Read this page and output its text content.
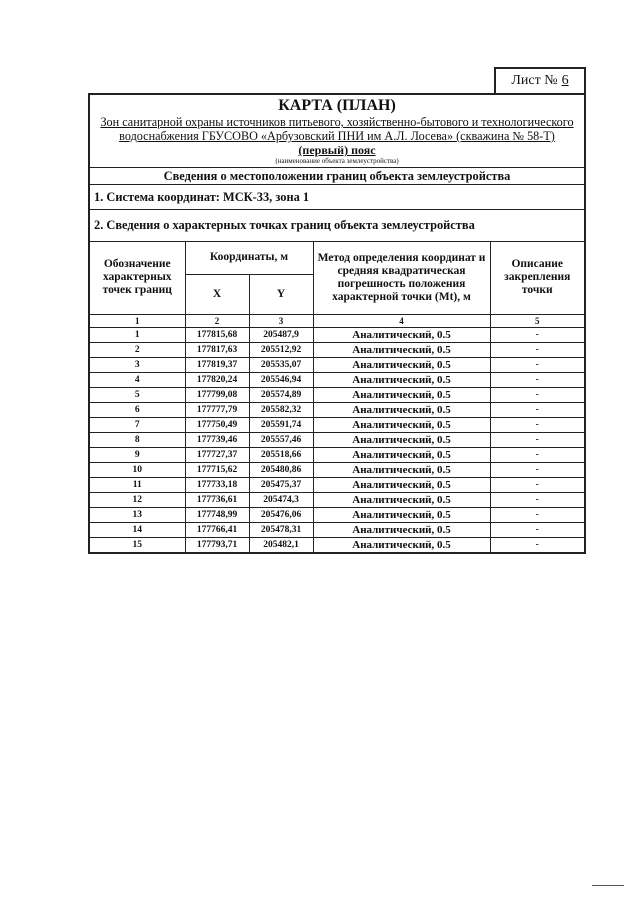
Лист № 6
КАРТА (ПЛАН)
Зон санитарной охраны источников питьевого, хозяйственно-бытового и технологического
водоснабжения ГБУСОВО «Арбузовский ПНИ им А.Л. Лосева» (скважина № 58-Т)
(первый) пояс
(наименование объекта землеустройства)
Сведения о местоположении границ объекта землеустройства
1. Система координат: МСК-33, зона 1
2. Сведения о характерных точках границ объекта землеустройства
Обозначение характерных точек границ	Координаты, м		Метод определения координат и средняя квадратическая погрешность положения характерной точки (Mt), м	Описание закрепления точки
	X	Y		
1	2	3	4	5
1	177815,68	205487,9	Аналитический, 0.5	-
2	177817,63	205512,92	Аналитический, 0.5	-
3	177819,37	205535,07	Аналитический, 0.5	-
4	177820,24	205546,94	Аналитический, 0.5	-
5	177799,08	205574,89	Аналитический, 0.5	-
6	177777,79	205582,32	Аналитический, 0.5	-
7	177750,49	205591,74	Аналитический, 0.5	-
8	177739,46	205557,46	Аналитический, 0.5	-
9	177727,37	205518,66	Аналитический, 0.5	-
10	177715,62	205480,86	Аналитический, 0.5	-
11	177733,18	205475,37	Аналитический, 0.5	-
12	177736,61	205474,3	Аналитический, 0.5	-
13	177748,99	205476,06	Аналитический, 0.5	-
14	177766,41	205478,31	Аналитический, 0.5	-
15	177793,71	205482,1	Аналитический, 0.5	-
